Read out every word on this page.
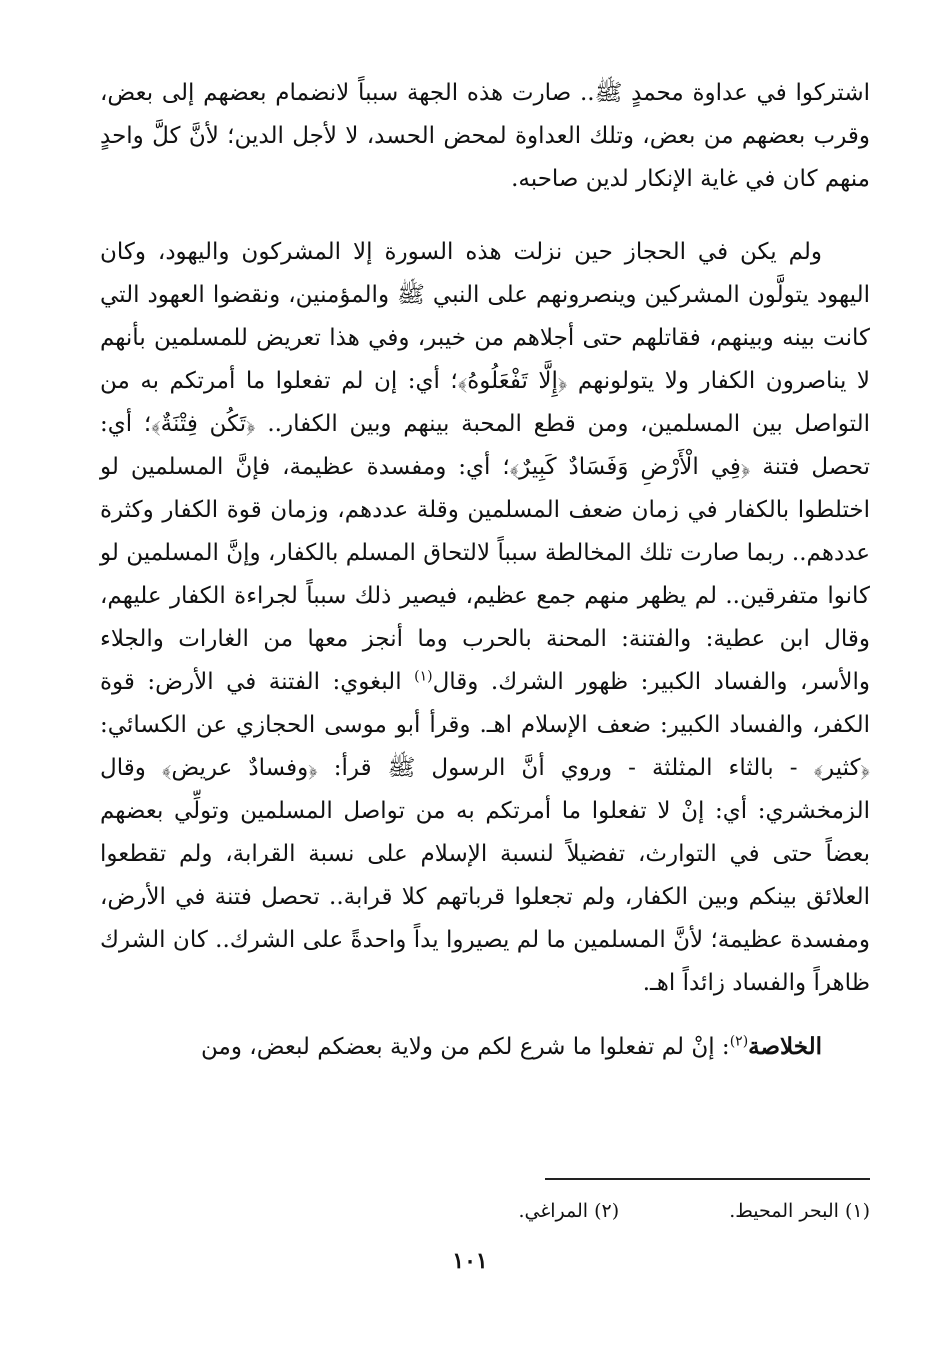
اشتركوا في عداوة محمدٍ ﷺ.. صارت هذه الجهة سبباً لانضمام بعضهم إلى بعض، وقرب بعضهم من بعض، وتلك العداوة لمحض الحسد، لا لأجل الدين؛ لأنَّ كلَّ واحدٍ منهم كان في غاية الإنكار لدين صاحبه.

ولم يكن في الحجاز حين نزلت هذه السورة إلا المشركون واليهود، وكان اليهود يتولَّون المشركين وينصرونهم على النبي ﷺ والمؤمنين، ونقضوا العهود التي كانت بينه وبينهم، فقاتلهم حتى أجلاهم من خيبر، وفي هذا تعريض للمسلمين بأنهم لا يناصرون الكفار ولا يتولونهم ﴿إِلَّا تَفْعَلُوهُ﴾؛ أي: إن لم تفعلوا ما أمرتكم به من التواصل بين المسلمين، ومن قطع المحبة بينهم وبين الكفار.. ﴿تَكُن فِتْنَةٌ﴾؛ أي: تحصل فتنة ﴿فِي الْأَرْضِ وَفَسَادٌ كَبِيرٌ﴾؛ أي: ومفسدة عظيمة، فإنَّ المسلمين لو اختلطوا بالكفار في زمان ضعف المسلمين وقلة عددهم، وزمان قوة الكفار وكثرة عددهم.. ربما صارت تلك المخالطة سبباً لالتحاق المسلم بالكفار، وإنَّ المسلمين لو كانوا متفرقين.. لم يظهر منهم جمع عظيم، فيصير ذلك سبباً لجراءة الكفار عليهم، وقال ابن عطية: والفتنة: المحنة بالحرب وما أنجز معها من الغارات والجلاء والأسر، والفساد الكبير: ظهور الشرك. وقال$^{(١)}$ البغوي: الفتنة في الأرض: قوة الكفر، والفساد الكبير: ضعف الإسلام اهـ. وقرأ أبو موسى الحجازي عن الكسائي: ﴿كثير﴾ - بالثاء المثلثة - وروي أنَّ الرسول ﷺ قرأ: ﴿وفسادٌ عريض﴾ وقال الزمخشري: أي: إنْ لا تفعلوا ما أمرتكم به من تواصل المسلمين وتولِّي بعضهم بعضاً حتى في التوارث، تفضيلاً لنسبة الإسلام على نسبة القرابة، ولم تقطعوا العلائق بينكم وبين الكفار، ولم تجعلوا قرباتهم كلا قرابة.. تحصل فتنة في الأرض، ومفسدة عظيمة؛ لأنَّ المسلمين ما لم يصيروا يداً واحدةً على الشرك.. كان الشرك ظاهراً والفساد زائداً اهـ.

الخلاصة$^{(٢)}$: إنْ لم تفعلوا ما شرع لكم من ولاية بعضكم لبعض، ومن

(١) البحر المحيط.
(٢) المراغي.
١٠١
